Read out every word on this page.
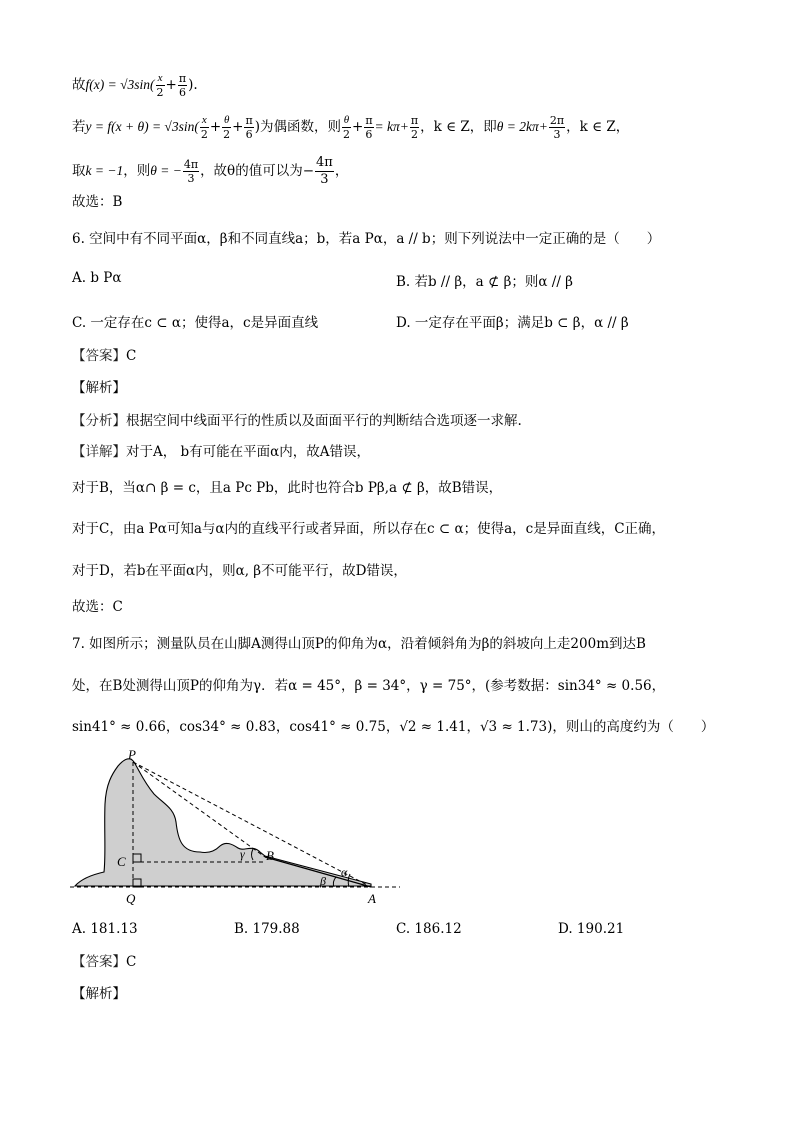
故$f(x) = √3\sin( \frac{x}{2} + \frac{\pi}{6}$ ).
若$y = f(x + \theta) = √3\sin( \frac{x}{2} + \frac{\theta}{2} + \frac{\pi}{6}$ )为偶函数，则 $\frac{\theta}{2} + \frac{\pi}{6} = k\pi+ \frac{\pi}{2}$ ，k ∈ Z，即$\theta = 2k\pi+ \frac{2\pi}{3}$ ，k ∈ Z，
取k = −1，则θ = − $\frac{4\pi}{3}$ ，故θ的值可以为− $\frac{4\pi}{3}$ ，
故选：B
6. 空间中有不同平面α，β和不同直线a；b，若a Pα，a // b；则下列说法中一定正确的是（　　）
A. b Pα	B. 若b // β，a ⊄ β；则α // β
C. 一定存在c ⊂ α；使得a，c是异面直线	D. 一定存在平面β；满足b ⊂ β，α // β
【答案】C
【解析】
【分析】根据空间中线面平行的性质以及面面平行的判断结合选项逐一求解.
【详解】对于A， b有可能在平面α内，故A错误，
对于B，当α∩ β = c，且a Pc Pb，此时也符合b Pβ,a ⊄ β，故B错误，
对于C，由a Pα可知a与α内的直线平行或者异面，所以存在c ⊂ α；使得a，c是异面直线，C正确，
对于D，若b在平面α内，则α, β不可能平行，故D错误，
故选：C
7. 如图所示；测量队员在山脚A测得山顶P的仰角为α，沿着倾斜角为β的斜坡向上走200m到达B
处，在B处测得山顶P的仰角为γ．若α = 45°，β = 34°，γ = 75°，(参考数据：sin34° ≈ 0.56，
sin41° ≈ 0.66，cos34° ≈ 0.83，cos41° ≈ 0.75，√2 ≈ 1.41，√3 ≈ 1.73)，则山的高度约为（　　）
P
C	B
Q	A
γ
α
β
A. 181.13	B. 179.88	C. 186.12	D. 190.21
【答案】C
【解析】
